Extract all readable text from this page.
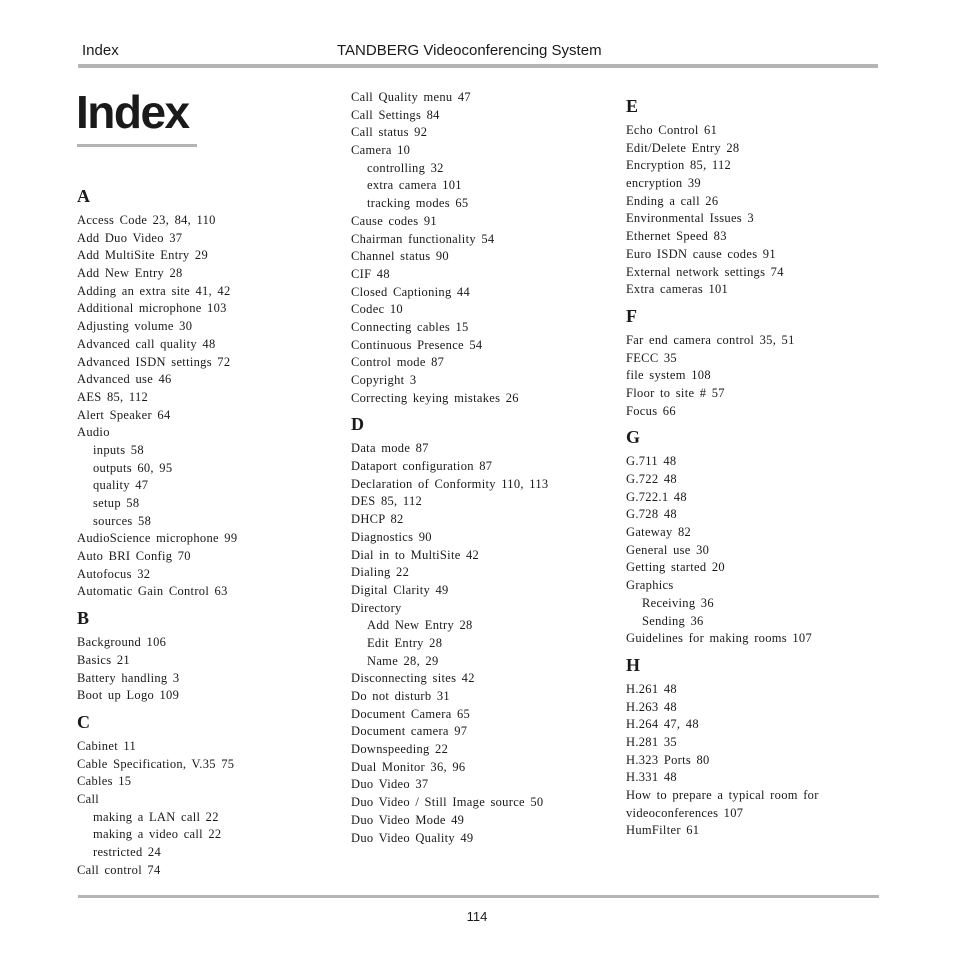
Index	TANDBERG Videoconferencing System
Index
A
Access Code 23, 84, 110
Add Duo Video 37
Add MultiSite Entry 29
Add New Entry 28
Adding an extra site 41, 42
Additional microphone 103
Adjusting volume 30
Advanced call quality 48
Advanced ISDN settings 72
Advanced use 46
AES 85, 112
Alert Speaker 64
Audio
inputs 58
outputs 60, 95
quality 47
setup 58
sources 58
AudioScience microphone 99
Auto BRI Config 70
Autofocus 32
Automatic Gain Control 63
B
Background 106
Basics 21
Battery handling 3
Boot up Logo 109
C
Cabinet 11
Cable Specification, V.35 75
Cables 15
Call
making a LAN call 22
making a video call 22
restricted 24
Call control 74
Call Quality menu 47
Call Settings 84
Call status 92
Camera 10
controlling 32
extra camera 101
tracking modes 65
Cause codes 91
Chairman functionality 54
Channel status 90
CIF 48
Closed Captioning 44
Codec 10
Connecting cables 15
Continuous Presence 54
Control mode 87
Copyright 3
Correcting keying mistakes 26
D
Data mode 87
Dataport configuration 87
Declaration of Conformity 110, 113
DES 85, 112
DHCP 82
Diagnostics 90
Dial in to MultiSite 42
Dialing 22
Digital Clarity 49
Directory
Add New Entry 28
Edit Entry 28
Name 28, 29
Disconnecting sites 42
Do not disturb 31
Document Camera 65
Document camera 97
Downspeeding 22
Dual Monitor 36, 96
Duo Video 37
Duo Video / Still Image source 50
Duo Video Mode 49
Duo Video Quality 49
E
Echo Control 61
Edit/Delete Entry 28
Encryption 85, 112
encryption 39
Ending a call 26
Environmental Issues 3
Ethernet Speed 83
Euro ISDN cause codes 91
External network settings 74
Extra cameras 101
F
Far end camera control 35, 51
FECC 35
file system 108
Floor to site # 57
Focus 66
G
G.711 48
G.722 48
G.722.1 48
G.728 48
Gateway 82
General use 30
Getting started 20
Graphics
Receiving 36
Sending 36
Guidelines for making rooms 107
H
H.261 48
H.263 48
H.264 47, 48
H.281 35
H.323 Ports 80
H.331 48
How to prepare a typical room for
videoconferences 107
HumFilter 61
114
